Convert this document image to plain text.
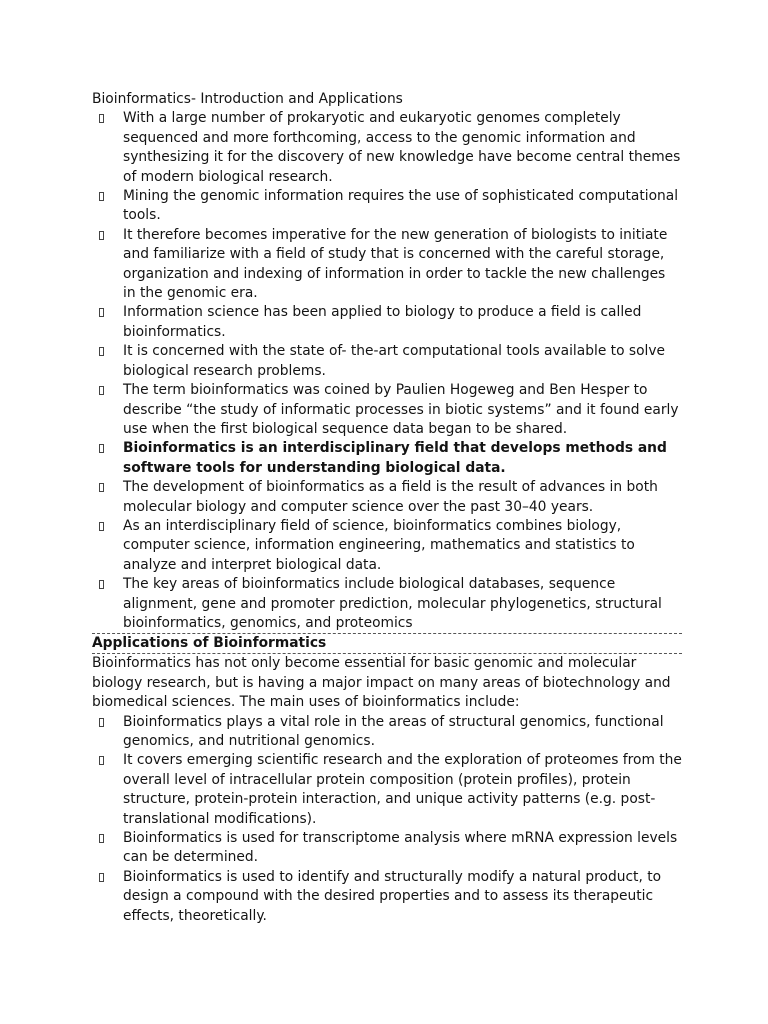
Bioinformatics- Introduction and Applications
With a large number of prokaryotic and eukaryotic genomes completely sequenced and more forthcoming, access to the genomic information and synthesizing it for the discovery of new knowledge have become central themes of modern biological research.
Mining the genomic information requires the use of sophisticated computational tools.
It therefore becomes imperative for the new generation of biologists to initiate and familiarize with a field of study that is concerned with the careful storage, organization and indexing of information in order to tackle the new challenges in the genomic era.
Information science has been applied to biology to produce a field is called bioinformatics.
It is concerned with the state of- the-art computational tools available to solve biological research problems.
The term bioinformatics was coined by Paulien Hogeweg and Ben Hesper to describe “the study of informatic processes in biotic systems” and it found early use when the first biological sequence data began to be shared.
Bioinformatics is an interdisciplinary field that develops methods and software tools for understanding biological data.
The development of bioinformatics as a field is the result of advances in both molecular biology and computer science over the past 30–40 years.
As an interdisciplinary field of science, bioinformatics combines biology, computer science, information engineering, mathematics and statistics to analyze and interpret biological data.
The key areas of bioinformatics include biological databases, sequence alignment, gene and promoter prediction, molecular phylogenetics, structural bioinformatics, genomics, and proteomics
Applications of Bioinformatics

Bioinformatics has not only become essential for basic genomic and molecular biology research, but is having a major impact on many areas of biotechnology and biomedical sciences. The main uses of bioinformatics include:

Bioinformatics plays a vital role in the areas of structural genomics, functional genomics, and nutritional genomics.
It covers emerging scientific research and the exploration of proteomes from the overall level of intracellular protein composition (protein profiles), protein structure, protein-protein interaction, and unique activity patterns (e.g. post-translational modifications).
Bioinformatics is used for transcriptome analysis where mRNA expression levels can be determined.
Bioinformatics is used to identify and structurally modify a natural product, to design a compound with the desired properties and to assess its therapeutic effects, theoretically.
